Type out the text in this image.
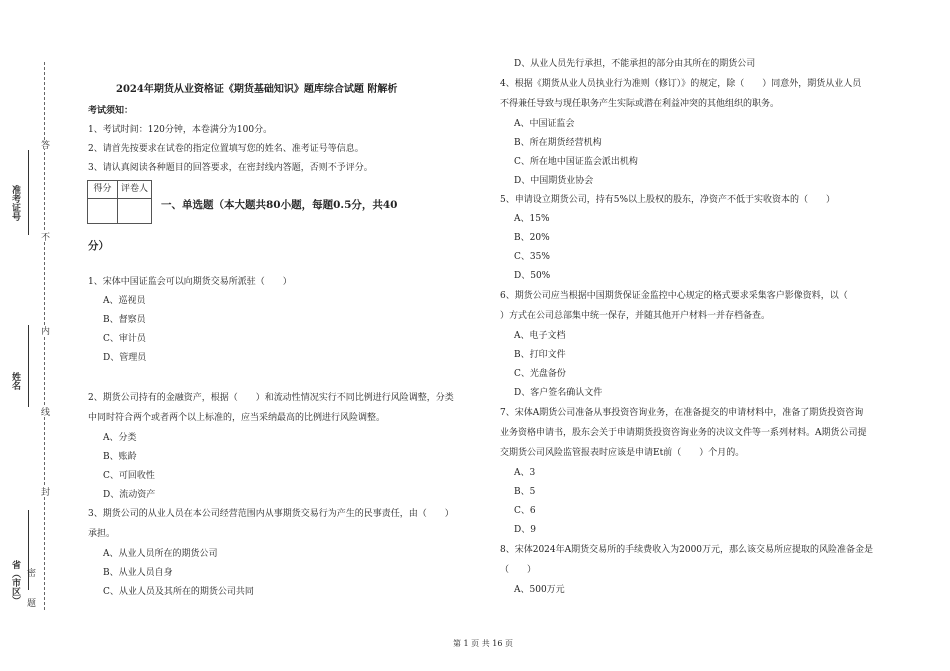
答
题
不
内
线
封
密
准考证号
姓名
省（市区）
2024年期货从业资格证《期货基础知识》题库综合试题 附解析
考试须知：
1、考试时间：120分钟，本卷满分为100分。
2、请首先按要求在试卷的指定位置填写您的姓名、准考证号等信息。
3、请认真阅读各种题目的回答要求，在密封线内答题，否则不予评分。
得分	评卷人
一、单选题（本大题共80小题，每题0.5分，共40
分）
1、宋体中国证监会可以向期货交易所派驻（　　）
A、巡视员
B、督察员
C、审计员
D、管理员
2、期货公司持有的金融资产，根据（　　）和流动性情况实行不同比例进行风险调整，分类
中同时符合两个或者两个以上标准的，应当采纳最高的比例进行风险调整。
A、分类
B、账龄
C、可回收性
D、流动资产
3、期货公司的从业人员在本公司经营范围内从事期货交易行为产生的民事责任，由（　　）
承担。
A、从业人员所在的期货公司
B、从业人员自身
C、从业人员及其所在的期货公司共同
D、从业人员先行承担，不能承担的部分由其所在的期货公司
4、根据《期货从业人员执业行为准则（修订）》的规定，除（　　）同意外，期货从业人员
不得兼任导致与现任职务产生实际或潜在利益冲突的其他组织的职务。
A、中国证监会
B、所在期货经营机构
C、所在地中国证监会派出机构
D、中国期货业协会
5、申请设立期货公司，持有5%以上股权的股东，净资产不低于实收资本的（　　）
A、15%
B、20%
C、35%
D、50%
6、期货公司应当根据中国期货保证金监控中心规定的格式要求采集客户影像资料，以（
）方式在公司总部集中统一保存，并随其他开户材料一并存档备查。
A、电子文档
B、打印文件
C、光盘备份
D、客户签名确认文件
7、宋体A期货公司准备从事投资咨询业务，在准备提交的申请材料中，准备了期货投资咨询
业务资格申请书，股东会关于申请期货投资咨询业务的决议文件等一系列材料。A期货公司提
交期货公司风险监管报表时应该是申请Et前（　　）个月的。
A、3
B、5
C、6
D、9
8、宋体2024年A期货交易所的手续费收入为2000万元，那么该交易所应提取的风险准备金是
（　　）
A、500万元
第 1 页 共 16 页
